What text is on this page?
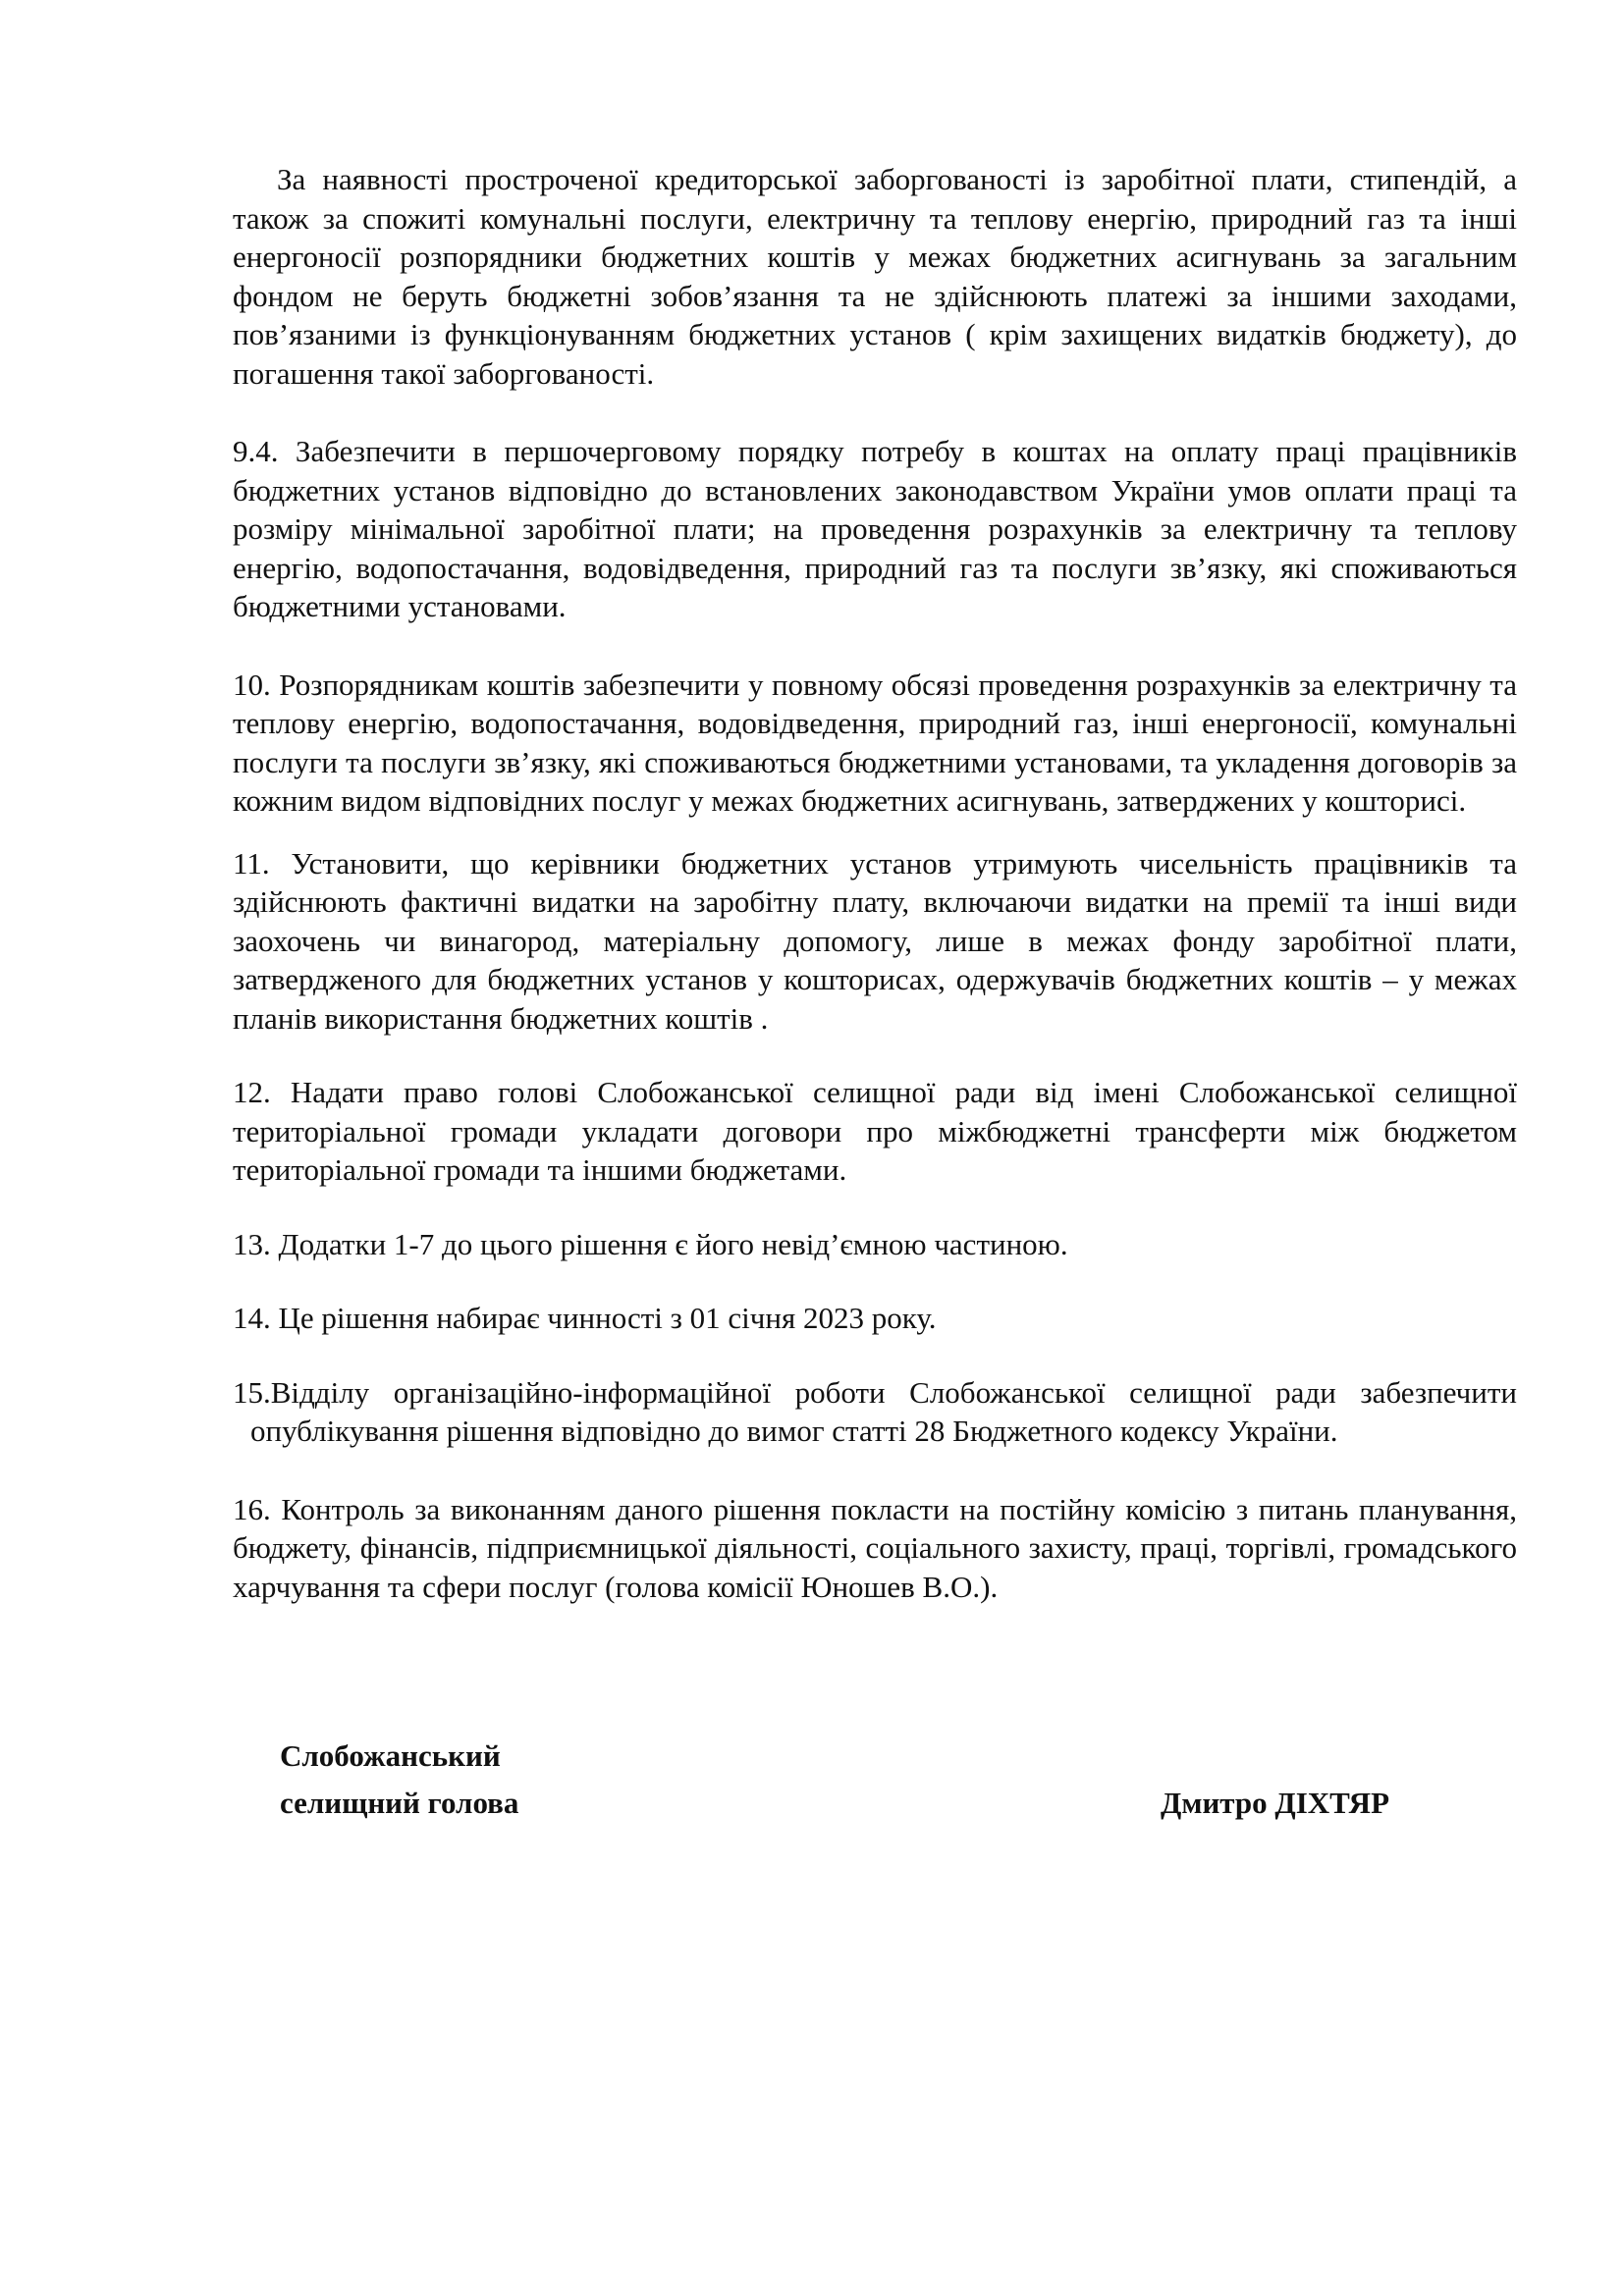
За наявності простроченої кредиторської заборгованості із заробітної плати, стипендій, а також за спожиті комунальні послуги, електричну та теплову енергію, природний газ та інші енергоносії розпорядники бюджетних коштів у межах бюджетних асигнувань за загальним фондом не беруть бюджетні зобов’язання та не здійснюють платежі за іншими заходами, пов’язаними із функціонуванням бюджетних установ ( крім захищених видатків бюджету), до погашення такої заборгованості.

9.4. Забезпечити в першочерговому порядку потребу в коштах на оплату праці працівників бюджетних установ відповідно до встановлених законодавством України умов оплати праці та розміру мінімальної заробітної плати; на проведення розрахунків за електричну та теплову енергію, водопостачання, водовідведення, природний газ та послуги зв’язку, які споживаються бюджетними установами.

10. Розпорядникам коштів забезпечити у повному обсязі проведення розрахунків за електричну та теплову енергію, водопостачання, водовідведення, природний газ, інші енергоносії, комунальні послуги та послуги зв’язку, які споживаються бюджетними установами, та укладення договорів за кожним видом відповідних послуг у межах бюджетних асигнувань, затверджених у кошторисі.

11. Установити, що керівники бюджетних установ утримують чисельність працівників та здійснюють фактичні видатки на заробітну плату, включаючи видатки на премії та інші види заохочень чи винагород, матеріальну допомогу, лише в межах фонду заробітної плати, затвердженого для бюджетних установ у кошторисах, одержувачів бюджетних коштів – у межах планів використання бюджетних коштів .

12. Надати право голові Слобожанської селищної ради від імені Слобожанської селищної територіальної громади укладати договори про міжбюджетні трансферти між бюджетом територіальної громади та іншими бюджетами.

13. Додатки 1-7 до цього рішення є його невід’ємною частиною.

14. Це рішення набирає чинності з 01 січня 2023 року.

15.Відділу організаційно-інформаційної роботи Слобожанської селищної ради забезпечити опублікування рішення відповідно до вимог статті 28 Бюджетного кодексу України.

16. Контроль за виконанням даного рішення покласти на постійну комісію з питань планування, бюджету, фінансів, підприємницької діяльності, соціального захисту, праці, торгівлі, громадського харчування та сфери послуг (голова комісії Юношев В.О.).

Слобожанський
селищний голова	Дмитро ДІХТЯР
